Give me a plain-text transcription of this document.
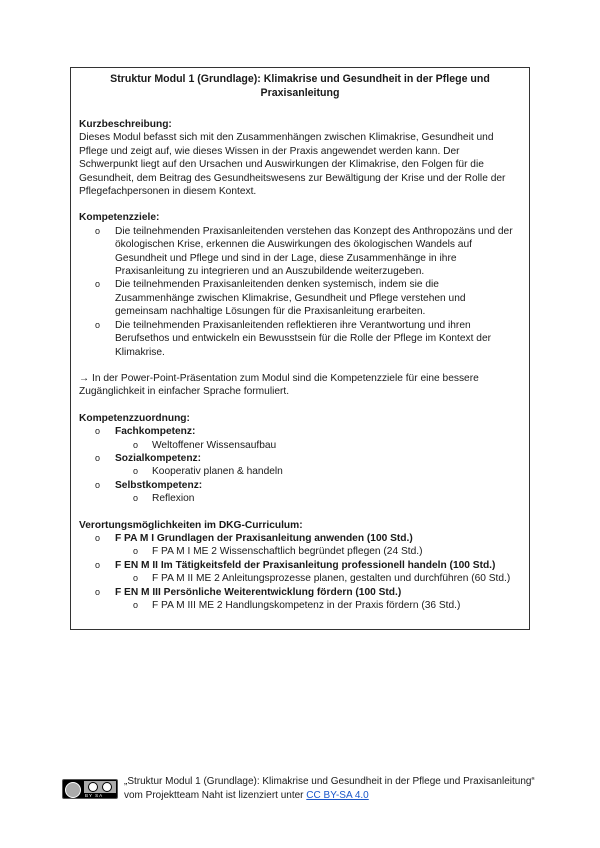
Struktur Modul 1 (Grundlage): Klimakrise und Gesundheit in der Pflege und Praxisanleitung
Kurzbeschreibung:
Dieses Modul befasst sich mit den Zusammenhängen zwischen Klimakrise, Gesundheit und Pflege und zeigt auf, wie dieses Wissen in der Praxis angewendet werden kann. Der Schwerpunkt liegt auf den Ursachen und Auswirkungen der Klimakrise, den Folgen für die Gesundheit, dem Beitrag des Gesundheitswesens zur Bewältigung der Krise und der Rolle der Pflegefachpersonen in diesem Kontext.
Kompetenzziele:
o Die teilnehmenden Praxisanleitenden verstehen das Konzept des Anthropozäns und der ökologischen Krise, erkennen die Auswirkungen des ökologischen Wandels auf Gesundheit und Pflege und sind in der Lage, diese Zusammenhänge in ihre Praxisanleitung zu integrieren und an Auszubildende weiterzugeben.
o Die teilnehmenden Praxisanleitenden denken systemisch, indem sie die Zusammenhänge zwischen Klimakrise, Gesundheit und Pflege verstehen und gemeinsam nachhaltige Lösungen für die Praxisanleitung erarbeiten.
o Die teilnehmenden Praxisanleitenden reflektieren ihre Verantwortung und ihren Berufsethos und entwickeln ein Bewusstsein für die Rolle der Pflege im Kontext der Klimakrise.
→ In der Power-Point-Präsentation zum Modul sind die Kompetenzziele für eine bessere Zugänglichkeit in einfacher Sprache formuliert.
Kompetenzzuordnung:
o Fachkompetenz:
o Weltoffener Wissensaufbau
o Sozialkompetenz:
o Kooperativ planen & handeln
o Selbstkompetenz:
o Reflexion
Verortungsmöglichkeiten im DKG-Curriculum:
o F PA M I Grundlagen der Praxisanleitung anwenden (100 Std.)
o F PA M I ME 2 Wissenschaftlich begründet pflegen (24 Std.)
o F EN M II Im Tätigkeitsfeld der Praxisanleitung professionell handeln (100 Std.)
o F PA M II ME 2 Anleitungsprozesse planen, gestalten und durchführen (60 Std.)
o F EN M III Persönliche Weiterentwicklung fördern (100 Std.)
o F PA M III ME 2 Handlungskompetenz in der Praxis fördern (36 Std.)
BY SA
„Struktur Modul 1 (Grundlage): Klimakrise und Gesundheit in der Pflege und Praxisanleitung“ vom Projektteam Naht ist lizenziert unter CC BY-SA 4.0
